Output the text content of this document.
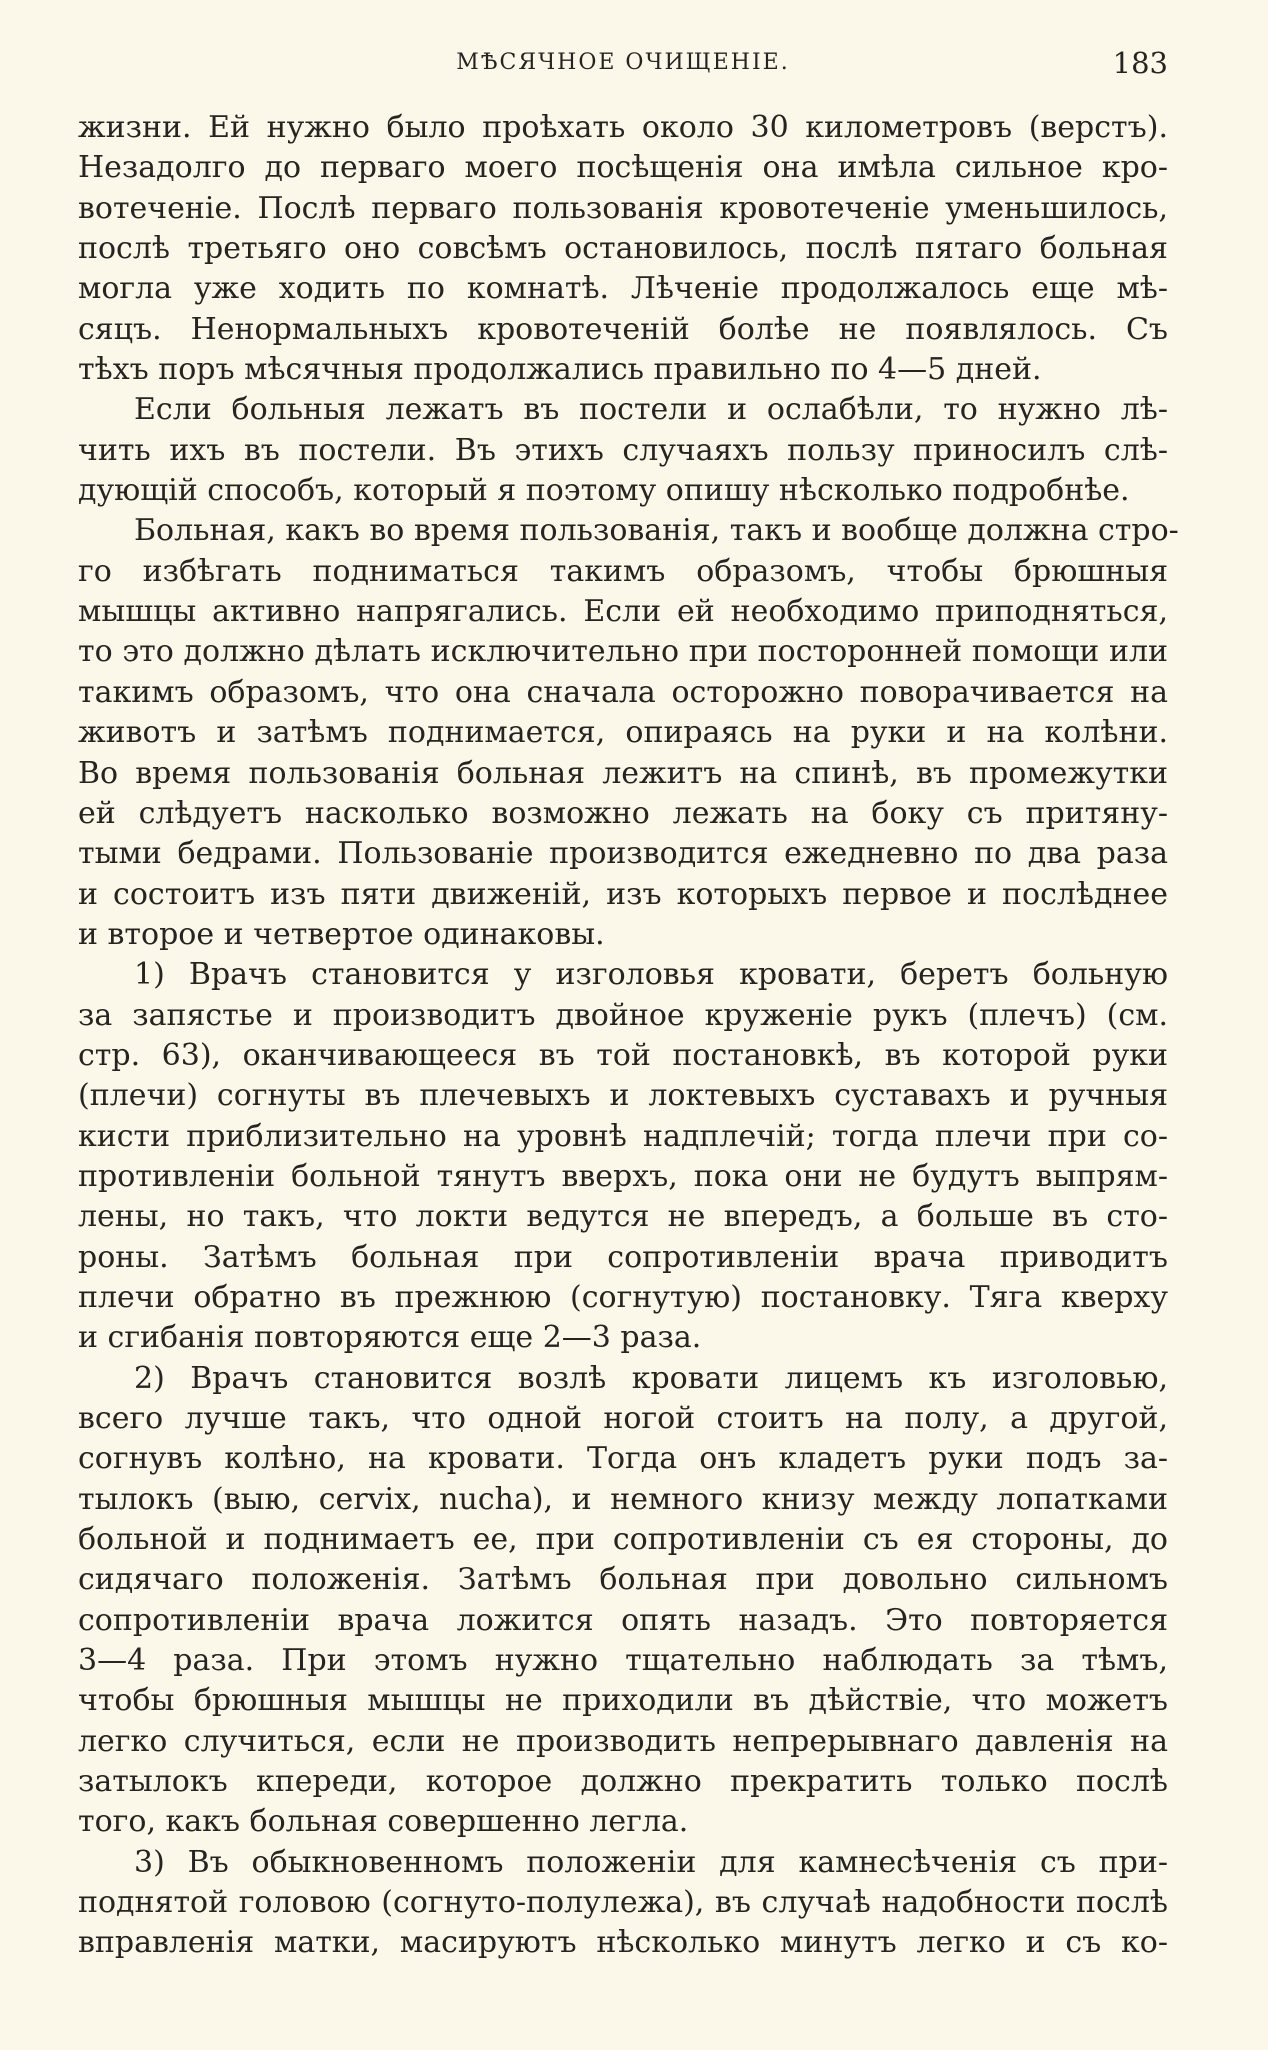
МѢСЯЧНОЕ ОЧИЩЕНІЕ.	183
жизни. Ей нужно было проѣхать около 30 километровъ (верстъ).
Незадолго до перваго моего посѣщенія она имѣла сильное кро-
вотеченіе. Послѣ перваго пользованія кровотеченіе уменьшилось,
послѣ третьяго оно совсѣмъ остановилось, послѣ пятаго больная
могла уже ходить по комнатѣ. Лѣченіе продолжалось еще мѣ-
сяцъ. Ненормальныхъ кровотеченій болѣе не появлялось. Съ
тѣхъ поръ мѣсячныя продолжались правильно по 4—5 дней.
Если больныя лежатъ въ постели и ослабѣли, то нужно лѣ-
чить ихъ въ постели. Въ этихъ случаяхъ пользу приносилъ слѣ-
дующій способъ, который я поэтому опишу нѣсколько подробнѣе.
Больная, какъ во время пользованія, такъ и вообще должна стро-
го избѣгать подниматься такимъ образомъ, чтобы брюшныя
мышцы активно напрягались. Если ей необходимо приподняться,
то это должно дѣлать исключительно при посторонней помощи или
такимъ образомъ, что она сначала осторожно поворачивается на
животъ и затѣмъ поднимается, опираясь на руки и на колѣни.
Во время пользованія больная лежитъ на спинѣ, въ промежутки
ей слѣдуетъ насколько возможно лежать на боку съ притяну-
тыми бедрами. Пользованіе производится ежедневно по два раза
и состоитъ изъ пяти движеній, изъ которыхъ первое и послѣднее
и второе и четвертое одинаковы.
1) Врачъ становится у изголовья кровати, беретъ больную
за запястье и производитъ двойное круженіе рукъ (плечъ) (см.
стр. 63), оканчивающееся въ той постановкѣ, въ которой руки
(плечи) согнуты въ плечевыхъ и локтевыхъ суставахъ и ручныя
кисти приблизительно на уровнѣ надплечій; тогда плечи при со-
противленіи больной тянутъ вверхъ, пока они не будутъ выпрям-
лены, но такъ, что локти ведутся не впередъ, а больше въ сто-
роны. Затѣмъ больная при сопротивленіи врача приводитъ
плечи обратно въ прежнюю (согнутую) постановку. Тяга кверху
и сгибанія повторяются еще 2—3 раза.
2) Врачъ становится возлѣ кровати лицемъ къ изголовью,
всего лучше такъ, что одной ногой стоитъ на полу, а другой,
согнувъ колѣно, на кровати. Тогда онъ кладетъ руки подъ за-
тылокъ (выю, cervix, nucha), и немного книзу между лопатками
больной и поднимаетъ ее, при сопротивленіи съ ея стороны, до
сидячаго положенія. Затѣмъ больная при довольно сильномъ
сопротивленіи врача ложится опять назадъ. Это повторяется
3—4 раза. При этомъ нужно тщательно наблюдать за тѣмъ,
чтобы брюшныя мышцы не приходили въ дѣйствіе, что можетъ
легко случиться, если не производить непрерывнаго давленія на
затылокъ кпереди, которое должно прекратить только послѣ
того, какъ больная совершенно легла.
3) Въ обыкновенномъ положеніи для камнесѣченія съ при-
поднятой головою (согнуто-полулежа), въ случаѣ надобности послѣ
вправленія матки, масируютъ нѣсколько минутъ легко и съ ко-
